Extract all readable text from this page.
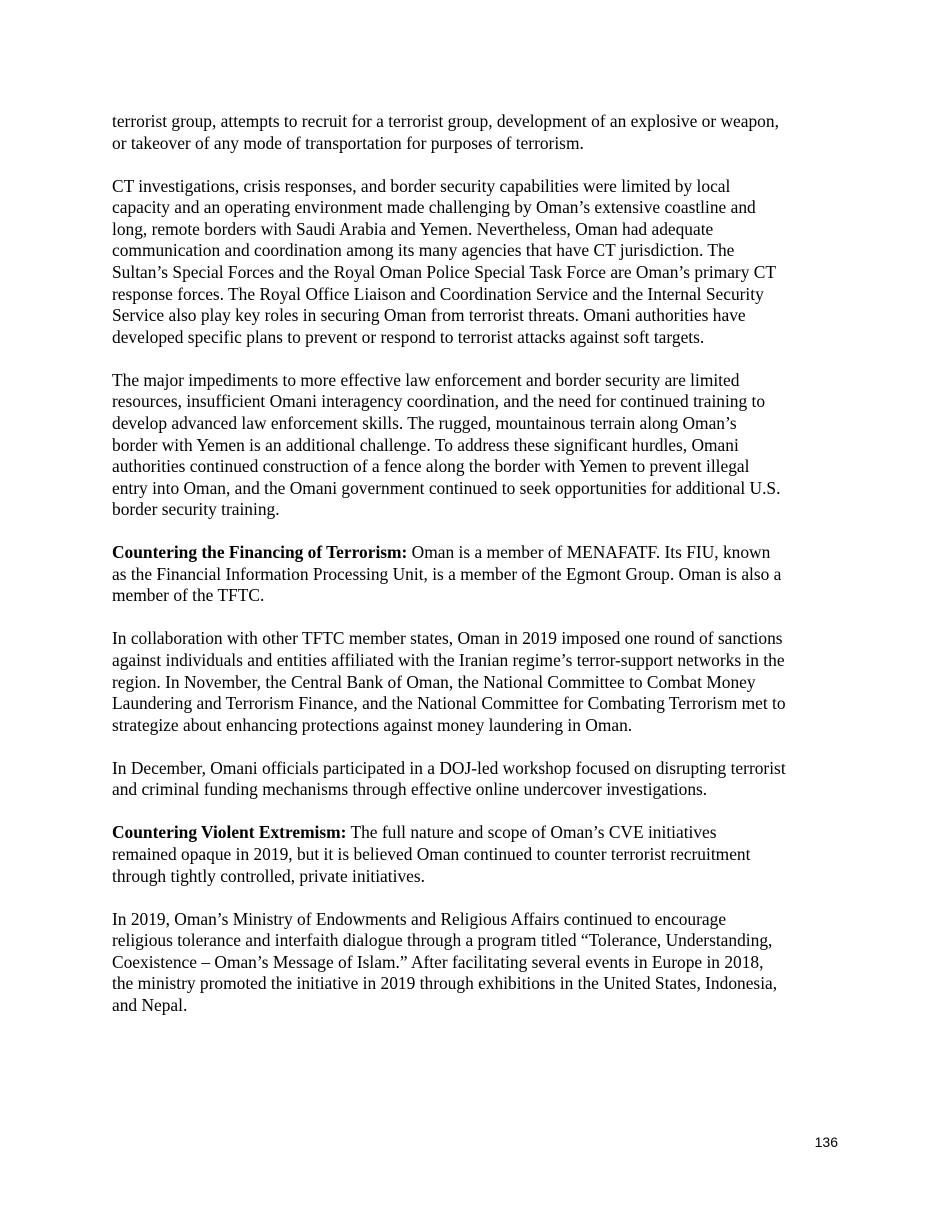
terrorist group, attempts to recruit for a terrorist group, development of an explosive or weapon,
or takeover of any mode of transportation for purposes of terrorism.

CT investigations, crisis responses, and border security capabilities were limited by local
capacity and an operating environment made challenging by Oman’s extensive coastline and
long, remote borders with Saudi Arabia and Yemen. Nevertheless, Oman had adequate
communication and coordination among its many agencies that have CT jurisdiction. The
Sultan’s Special Forces and the Royal Oman Police Special Task Force are Oman’s primary CT
response forces. The Royal Office Liaison and Coordination Service and the Internal Security
Service also play key roles in securing Oman from terrorist threats. Omani authorities have
developed specific plans to prevent or respond to terrorist attacks against soft targets.

The major impediments to more effective law enforcement and border security are limited
resources, insufficient Omani interagency coordination, and the need for continued training to
develop advanced law enforcement skills. The rugged, mountainous terrain along Oman’s
border with Yemen is an additional challenge. To address these significant hurdles, Omani
authorities continued construction of a fence along the border with Yemen to prevent illegal
entry into Oman, and the Omani government continued to seek opportunities for additional U.S.
border security training.

Countering the Financing of Terrorism: Oman is a member of MENAFATF. Its FIU, known
as the Financial Information Processing Unit, is a member of the Egmont Group. Oman is also a
member of the TFTC.

In collaboration with other TFTC member states, Oman in 2019 imposed one round of sanctions
against individuals and entities affiliated with the Iranian regime’s terror-support networks in the
region. In November, the Central Bank of Oman, the National Committee to Combat Money
Laundering and Terrorism Finance, and the National Committee for Combating Terrorism met to
strategize about enhancing protections against money laundering in Oman.

In December, Omani officials participated in a DOJ-led workshop focused on disrupting terrorist
and criminal funding mechanisms through effective online undercover investigations.

Countering Violent Extremism: The full nature and scope of Oman’s CVE initiatives
remained opaque in 2019, but it is believed Oman continued to counter terrorist recruitment
through tightly controlled, private initiatives.

In 2019, Oman’s Ministry of Endowments and Religious Affairs continued to encourage
religious tolerance and interfaith dialogue through a program titled “Tolerance, Understanding,
Coexistence – Oman’s Message of Islam.” After facilitating several events in Europe in 2018,
the ministry promoted the initiative in 2019 through exhibitions in the United States, Indonesia,
and Nepal.

136
